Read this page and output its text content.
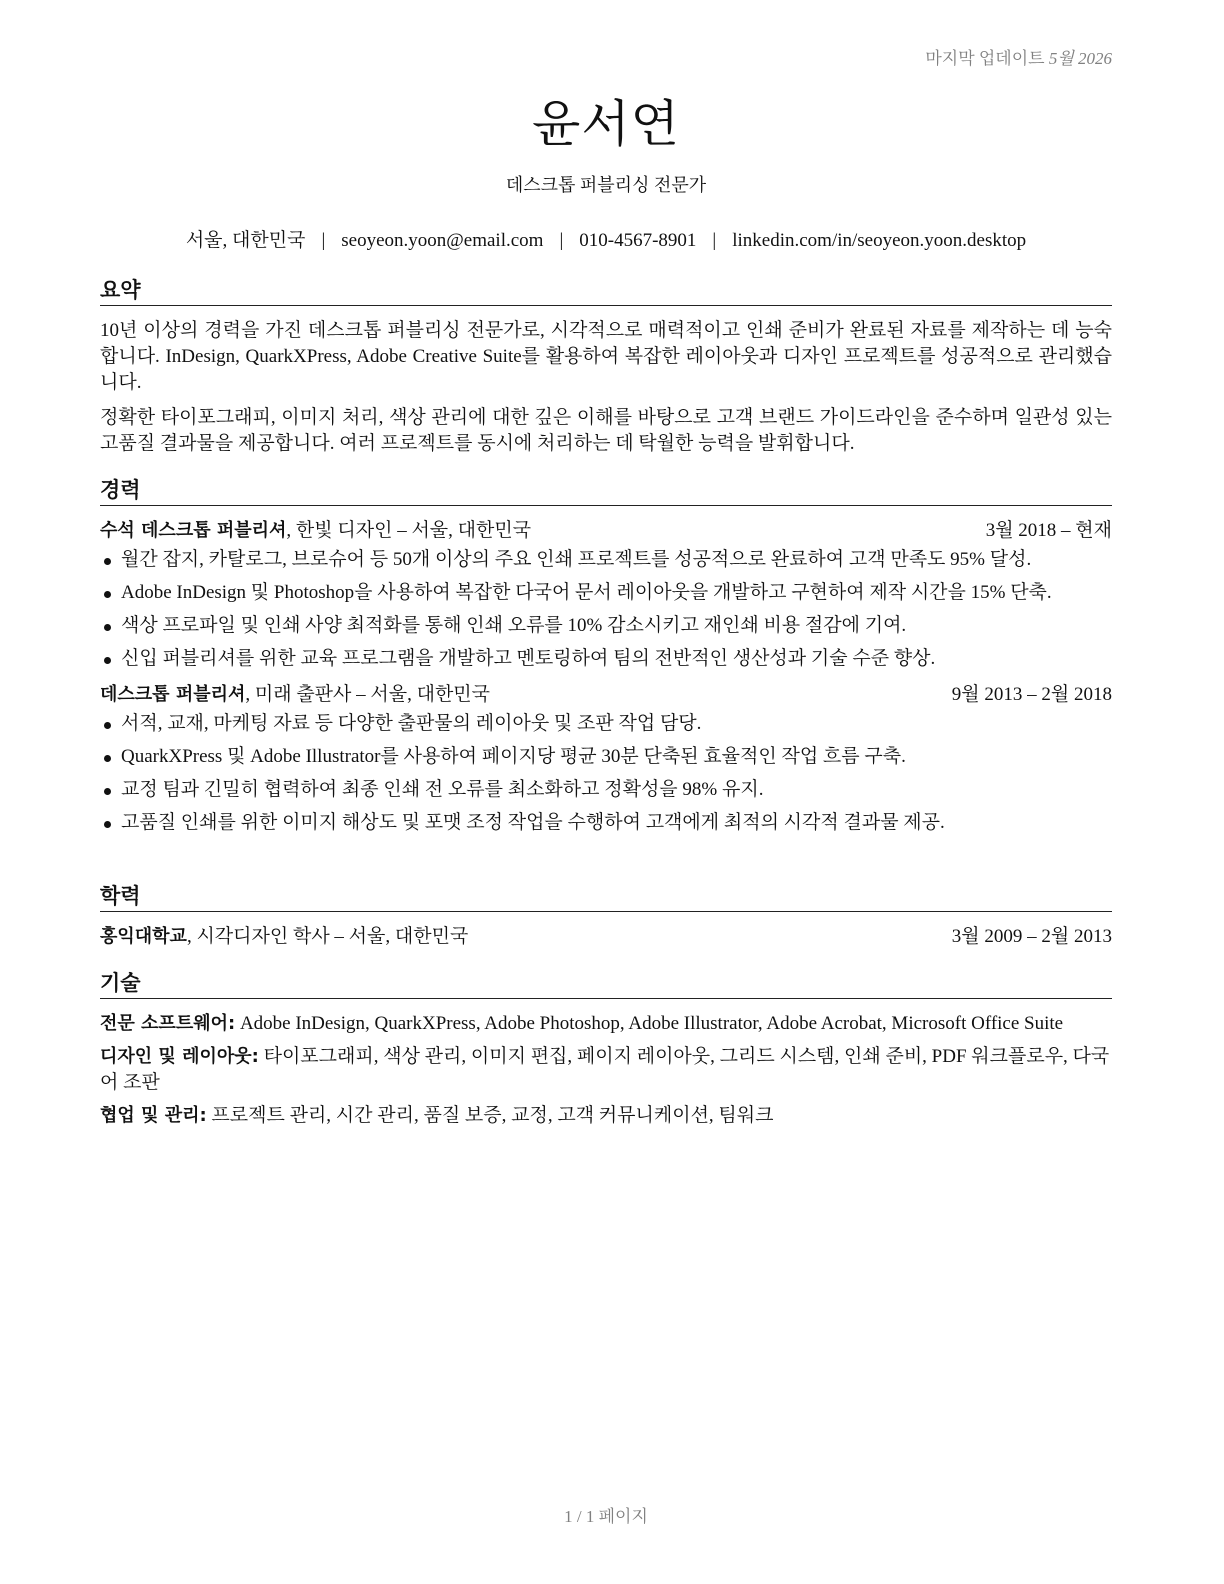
마지막 업데이트 5월 2026
윤서연
데스크톱 퍼블리싱 전문가
서울, 대한민국 | seoyeon.yoon@email.com | 010-4567-8901 | linkedin.com/in/seoyeon.yoon.desktop
요약

10년 이상의 경력을 가진 데스크톱 퍼블리싱 전문가로, 시각적으로 매력적이고 인쇄 준비가 완료된 자료를 제작하는 데 능숙합니다. InDesign, QuarkXPress, Adobe Creative Suite를 활용하여 복잡한 레이아웃과 디자인 프로젝트를 성공적으로 관리했습니다.

정확한 타이포그래피, 이미지 처리, 색상 관리에 대한 깊은 이해를 바탕으로 고객 브랜드 가이드라인을 준수하며 일관성 있는 고품질 결과물을 제공합니다. 여러 프로젝트를 동시에 처리하는 데 탁월한 능력을 발휘합니다.

경력
수석 데스크톱 퍼블리셔, 한빛 디자인 – 서울, 대한민국	3월 2018 – 현재
월간 잡지, 카탈로그, 브로슈어 등 50개 이상의 주요 인쇄 프로젝트를 성공적으로 완료하여 고객 만족도 95% 달성.
Adobe InDesign 및 Photoshop을 사용하여 복잡한 다국어 문서 레이아웃을 개발하고 구현하여 제작 시간을 15% 단축.
색상 프로파일 및 인쇄 사양 최적화를 통해 인쇄 오류를 10% 감소시키고 재인쇄 비용 절감에 기여.
신입 퍼블리셔를 위한 교육 프로그램을 개발하고 멘토링하여 팀의 전반적인 생산성과 기술 수준 향상.
데스크톱 퍼블리셔, 미래 출판사 – 서울, 대한민국	9월 2013 – 2월 2018
서적, 교재, 마케팅 자료 등 다양한 출판물의 레이아웃 및 조판 작업 담당.
QuarkXPress 및 Adobe Illustrator를 사용하여 페이지당 평균 30분 단축된 효율적인 작업 흐름 구축.
교정 팀과 긴밀히 협력하여 최종 인쇄 전 오류를 최소화하고 정확성을 98% 유지.
고품질 인쇄를 위한 이미지 해상도 및 포맷 조정 작업을 수행하여 고객에게 최적의 시각적 결과물 제공.
학력
홍익대학교, 시각디자인 학사 – 서울, 대한민국	3월 2009 – 2월 2013
기술
전문 소프트웨어: Adobe InDesign, QuarkXPress, Adobe Photoshop, Adobe Illustrator, Adobe Acrobat, Microsoft Office Suite
디자인 및 레이아웃: 타이포그래피, 색상 관리, 이미지 편집, 페이지 레이아웃, 그리드 시스템, 인쇄 준비, PDF 워크플로우, 다국어 조판
협업 및 관리: 프로젝트 관리, 시간 관리, 품질 보증, 교정, 고객 커뮤니케이션, 팀워크
1 / 1 페이지
